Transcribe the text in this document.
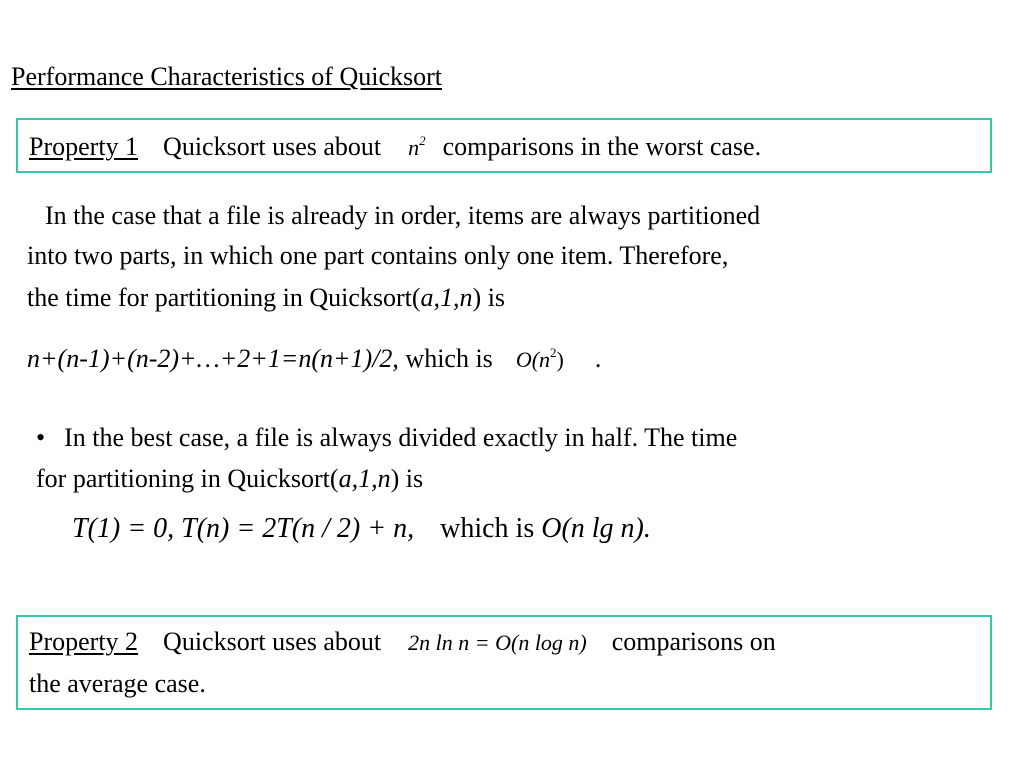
Performance Characteristics of Quicksort
Property 1 Quicksort uses about $n^2$ comparisons in the worst case.
In the case that a file is already in order, items are always partitioned
into two parts, in which one part contains only one item. Therefore,
the time for partitioning in Quicksort(a,1,n) is
n+(n-1)+(n-2)+…+2+1=n(n+1)/2, which is $O(n^2)$ .
• In the best case, a file is always divided exactly in half. The time
for partitioning in Quicksort(a,1,n) is
T(1) = 0, T(n) = 2T(n / 2) + n, which is O(n lg n).
Property 2 Quicksort uses about 2n ln n = O(n log n) comparisons on
the average case.
